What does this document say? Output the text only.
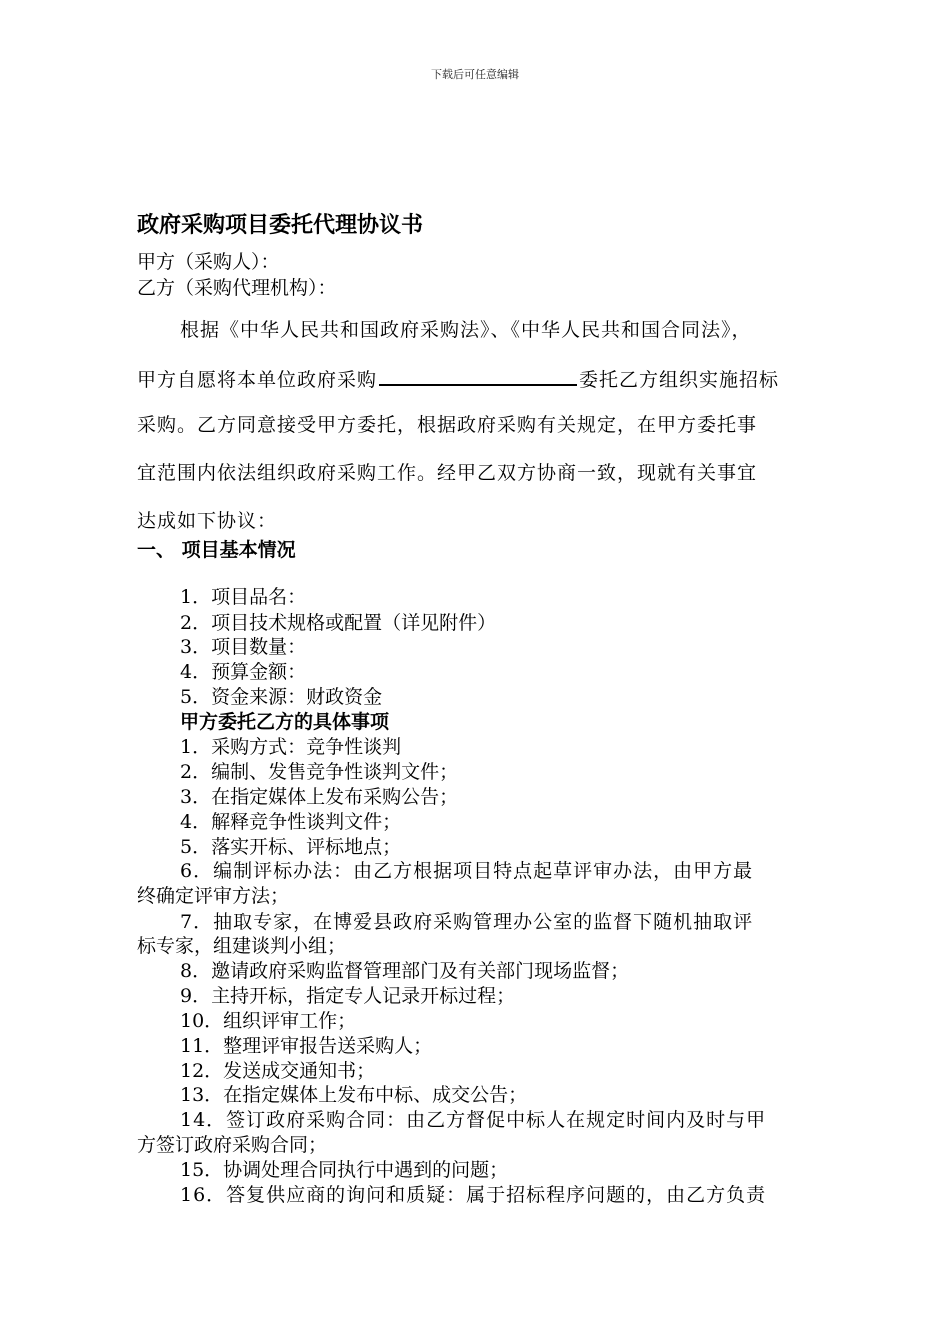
下载后可任意编辑
政府采购项目委托代理协议书
甲方（采购人）：
乙方（采购代理机构）：
根据《中华人民共和国政府采购法》、《中华人民共和国合同法》，
甲方自愿将本单位政府采购	委托乙方组织实施招标
采购。乙方同意接受甲方委托，根据政府采购有关规定，在甲方委托事
宜范围内依法组织政府采购工作。经甲乙双方协商一致，现就有关事宜
达成如下协议：
一、 项目基本情况
1．项目品名：
2．项目技术规格或配置（详见附件）
3．项目数量：
4．预算金额：
5．资金来源：财政资金
甲方委托乙方的具体事项
1．采购方式：竞争性谈判
2．编制、发售竞争性谈判文件；
3．在指定媒体上发布采购公告；
4．解释竞争性谈判文件；
5．落实开标、评标地点；
6．编制评标办法：由乙方根据项目特点起草评审办法，由甲方最
终确定评审方法；
7．抽取专家，在博爱县政府采购管理办公室的监督下随机抽取评
标专家，组建谈判小组；
8．邀请政府采购监督管理部门及有关部门现场监督；
9．主持开标，指定专人记录开标过程；
10．组织评审工作；
11．整理评审报告送采购人；
12．发送成交通知书；
13．在指定媒体上发布中标、成交公告；
14．签订政府采购合同：由乙方督促中标人在规定时间内及时与甲
方签订政府采购合同；
15．协调处理合同执行中遇到的问题；
16．答复供应商的询问和质疑：属于招标程序问题的，由乙方负责
